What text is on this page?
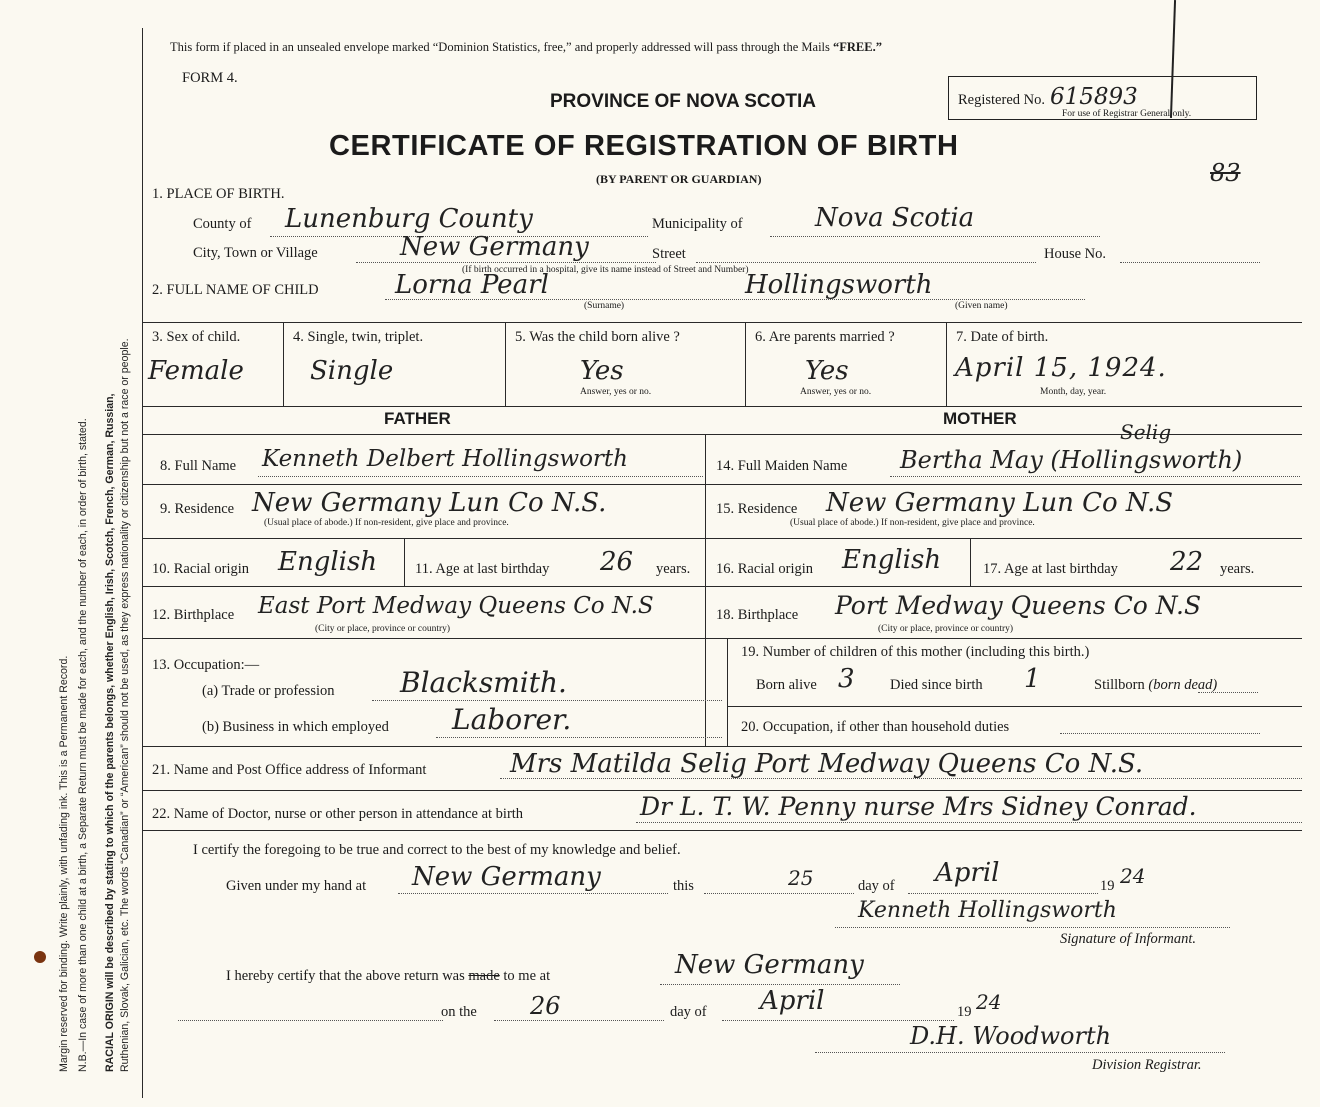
Margin reserved for binding. Write plainly, with unfading ink. This is a Permanent Record. N.B.—In case of more than one child at a birth, a Separate Return must be made for each, and the number of each, in order of birth, stated. RACIAL ORIGIN will be described by stating to which of the parents belongs, whether English, Irish, Scotch, French, German, Russian, Ruthenian, Slovak, Galician, etc. The words “Canadian” or “American” should not be used, as they express nationality or citizenship but not a race or people.
This form if placed in an unsealed envelope marked “Dominion Statistics, free,” and properly addressed will pass through the Mails “FREE.”
FORM 4.
PROVINCE OF NOVA SCOTIA
CERTIFICATE OF REGISTRATION OF BIRTH
(BY PARENT OR GUARDIAN)
Registered No. 615893
For use of Registrar General only.
83
1. PLACE OF BIRTH.
County of Lunenburg County	Municipality of	Nova Scotia
City, Town or Village	New Germany	Street	House No.
(If birth occurred in a hospital, give its name instead of Street and Number)
2. FULL NAME OF CHILD	Lorna Pearl	Hollingsworth
(Surname)	(Given name)
3. Sex of child.
Female
4. Single, twin, triplet.
Single
5. Was the child born alive ?
Yes
Answer, yes or no.
6. Are parents married ?
Yes
Answer, yes or no.
7. Date of birth.
April 15, 1924.
Month, day, year.
FATHER	MOTHER
Selig
8. Full Name Kenneth Delbert Hollingsworth
9. Residence New Germany Lun Co N.S.
(Usual place of abode.) If non-resident, give place and province.
10. Racial origin English	11. Age at last birthday 26 years.
12. Birthplace East Port Medway Queens Co N.S
(City or place, province or country)
13. Occupation:—
(a) Trade or profession Blacksmith.
(b) Business in which employed Laborer.
14. Full Maiden Name Bertha May (Hollingsworth)
15. Residence New Germany Lun Co N.S
(Usual place of abode.) If non-resident, give place and province.
16. Racial origin English	17. Age at last birthday 22 years.
18. Birthplace Port Medway Queens Co N.S
(City or place, province or country)
19. Number of children of this mother (including this birth.)
Born alive 3 Died since birth 1	Stillborn (born dead)
20. Occupation, if other than household duties
21. Name and Post Office address of Informant	Mrs Matilda Selig Port Medway Queens Co N.S.
22. Name of Doctor, nurse or other person in attendance at birth	Dr L. T. W. Penny nurse Mrs Sidney Conrad.
I certify the foregoing to be true and correct to the best of my knowledge and belief.
Given under my hand at New Germany	this	25	day of April	19 24
Kenneth Hollingsworth
Signature of Informant.
I hereby certify that the above return was made to me at	New Germany
on the 26	day of April	19 24
D.H. Woodworth
Division Registrar.
